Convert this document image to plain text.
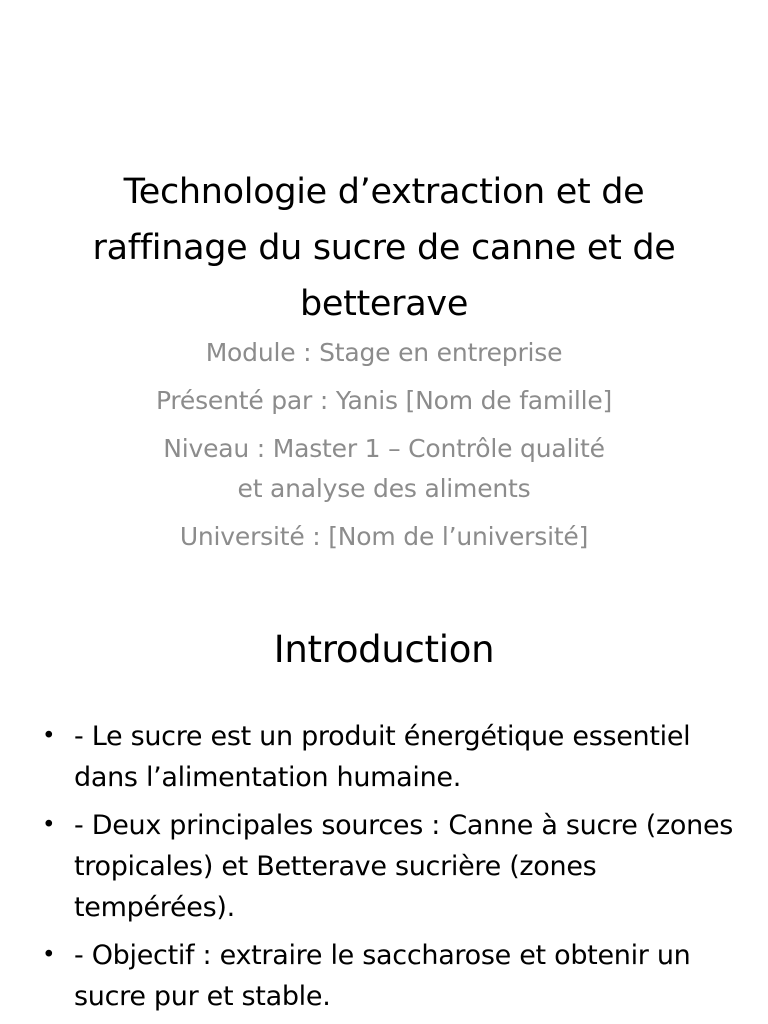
Technologie d’extraction et de
raffinage du sucre de canne et de
betterave
Module : Stage en entreprise
Présenté par : Yanis [Nom de famille]
Niveau : Master 1 – Contrôle qualité
et analyse des aliments
Université : [Nom de l’université]
Introduction
• - Le sucre est un produit énergétique essentiel dans l’alimentation humaine.
• - Deux principales sources : Canne à sucre (zones tropicales) et Betterave sucrière (zones tempérées).
• - Objectif : extraire le saccharose et obtenir un sucre pur et stable.
